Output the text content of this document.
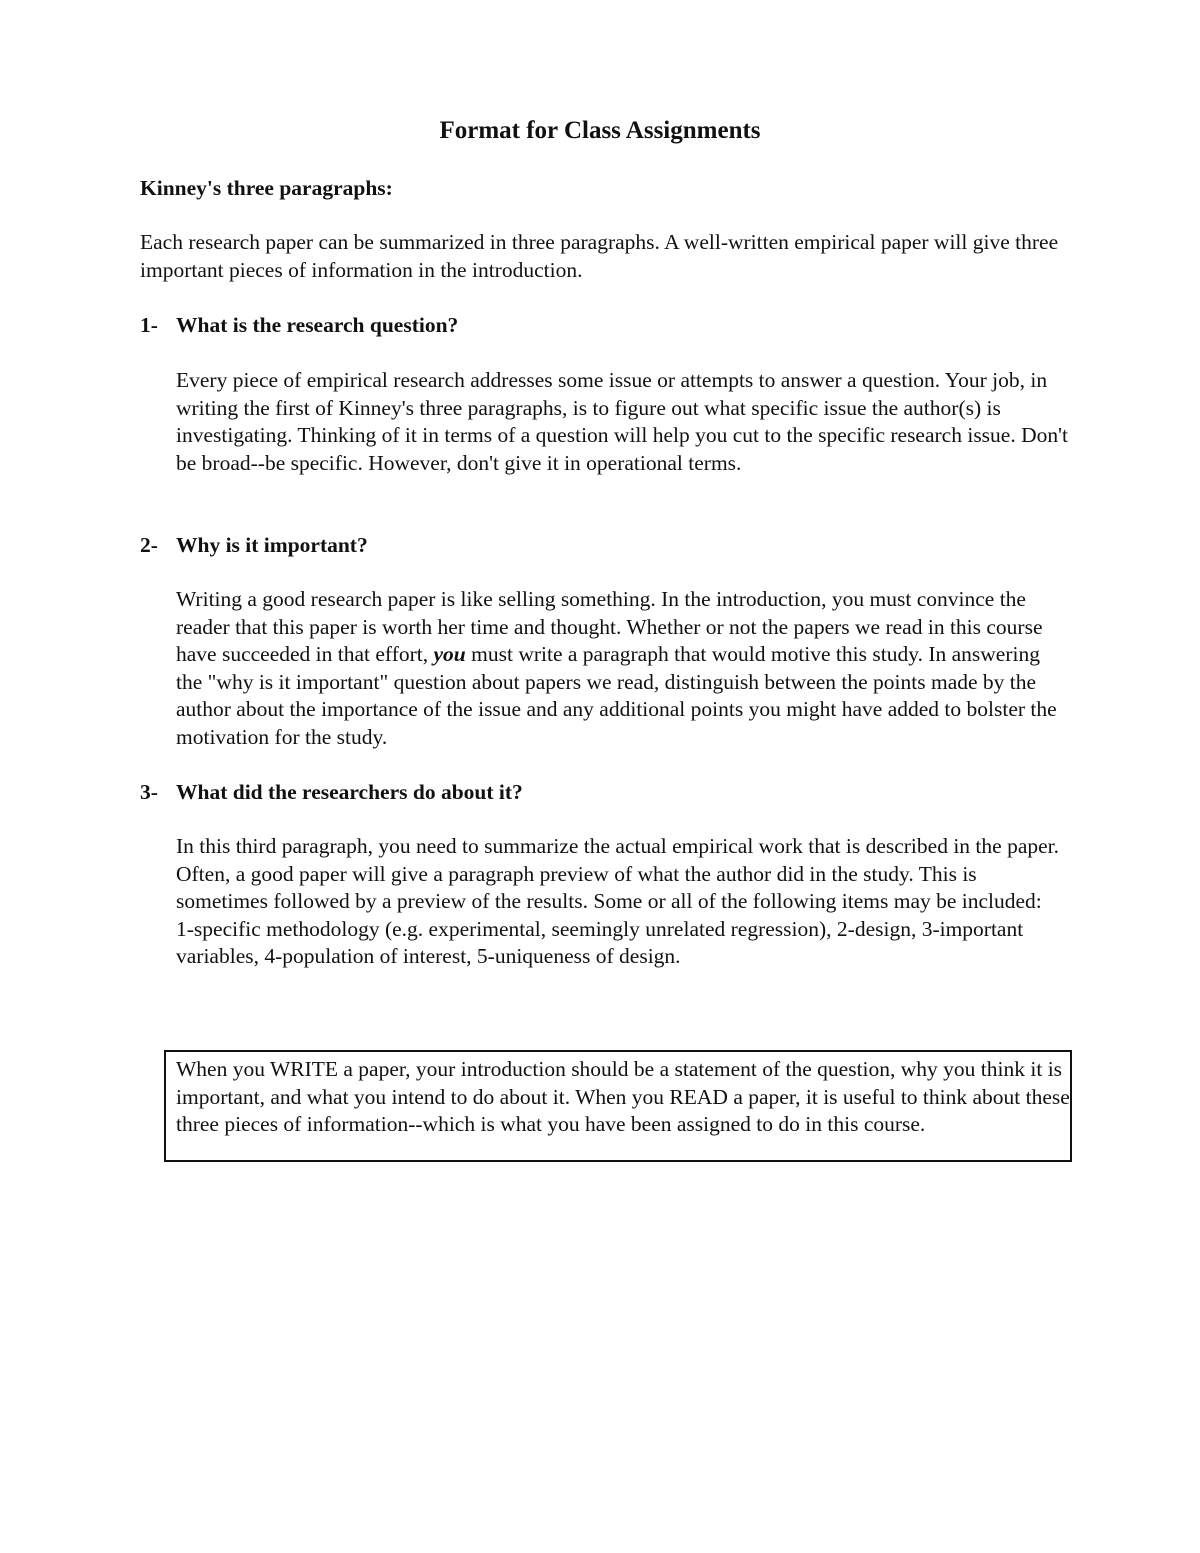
Format for Class Assignments
Kinney's three paragraphs:

Each research paper can be summarized in three paragraphs. A well-written empirical paper will give three important pieces of information in the introduction.

1- What is the research question?

Every piece of empirical research addresses some issue or attempts to answer a question. Your job, in writing the first of Kinney's three paragraphs, is to figure out what specific issue the author(s) is investigating. Thinking of it in terms of a question will help you cut to the specific research issue. Don't be broad--be specific. However, don't give it in operational terms.

2- Why is it important?

Writing a good research paper is like selling something. In the introduction, you must convince the reader that this paper is worth her time and thought. Whether or not the papers we read in this course have succeeded in that effort, you must write a paragraph that would motive this study. In answering the "why is it important" question about papers we read, distinguish between the points made by the author about the importance of the issue and any additional points you might have added to bolster the motivation for the study.

3- What did the researchers do about it?
In this third paragraph, you need to summarize the actual empirical work that is described in the paper. Often, a good paper will give a paragraph preview of what the author did in the study. This is sometimes followed by a preview of the results. Some or all of the following items may be included:
1-specific methodology (e.g. experimental, seemingly unrelated regression), 2-design, 3-important variables, 4-population of interest, 5-uniqueness of design.

When you WRITE a paper, your introduction should be a statement of the question, why you think it is important, and what you intend to do about it. When you READ a paper, it is useful to think about these three pieces of information--which is what you have been assigned to do in this course.
